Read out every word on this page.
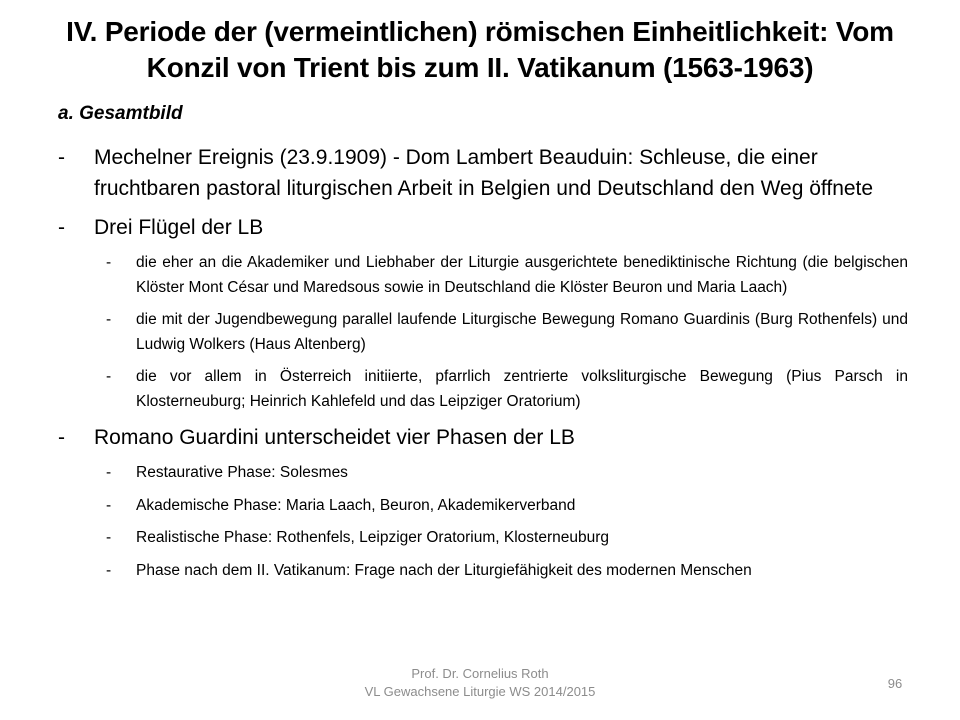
IV. Periode der (vermeintlichen) römischen Einheitlichkeit: Vom Konzil von Trient bis zum II. Vatikanum (1563-1963)
a. Gesamtbild
- Mechelner Ereignis (23.9.1909) - Dom Lambert Beauduin: Schleuse, die einer fruchtbaren pastoral liturgischen Arbeit in Belgien und Deutschland den Weg öffnete
- Drei Flügel der LB
- die eher an die Akademiker und Liebhaber der Liturgie ausgerichtete benediktinische Richtung (die belgischen Klöster Mont César und Maredsous sowie in Deutschland die Klöster Beuron und Maria Laach)
- die mit der Jugendbewegung parallel laufende Liturgische Bewegung Romano Guardinis (Burg Rothenfels) und Ludwig Wolkers (Haus Altenberg)
- die vor allem in Österreich initiierte, pfarrlich zentrierte volksliturgische Bewegung (Pius Parsch in Klosterneuburg; Heinrich Kahlefeld und das Leipziger Oratorium)
- Romano Guardini unterscheidet vier Phasen der LB
- Restaurative Phase: Solesmes
- Akademische Phase: Maria Laach, Beuron, Akademikerverband
- Realistische Phase: Rothenfels, Leipziger Oratorium, Klosterneuburg
- Phase nach dem II. Vatikanum: Frage nach der Liturgiefähigkeit des modernen Menschen
Prof. Dr. Cornelius Roth
VL Gewachsene Liturgie WS 2014/2015
96
